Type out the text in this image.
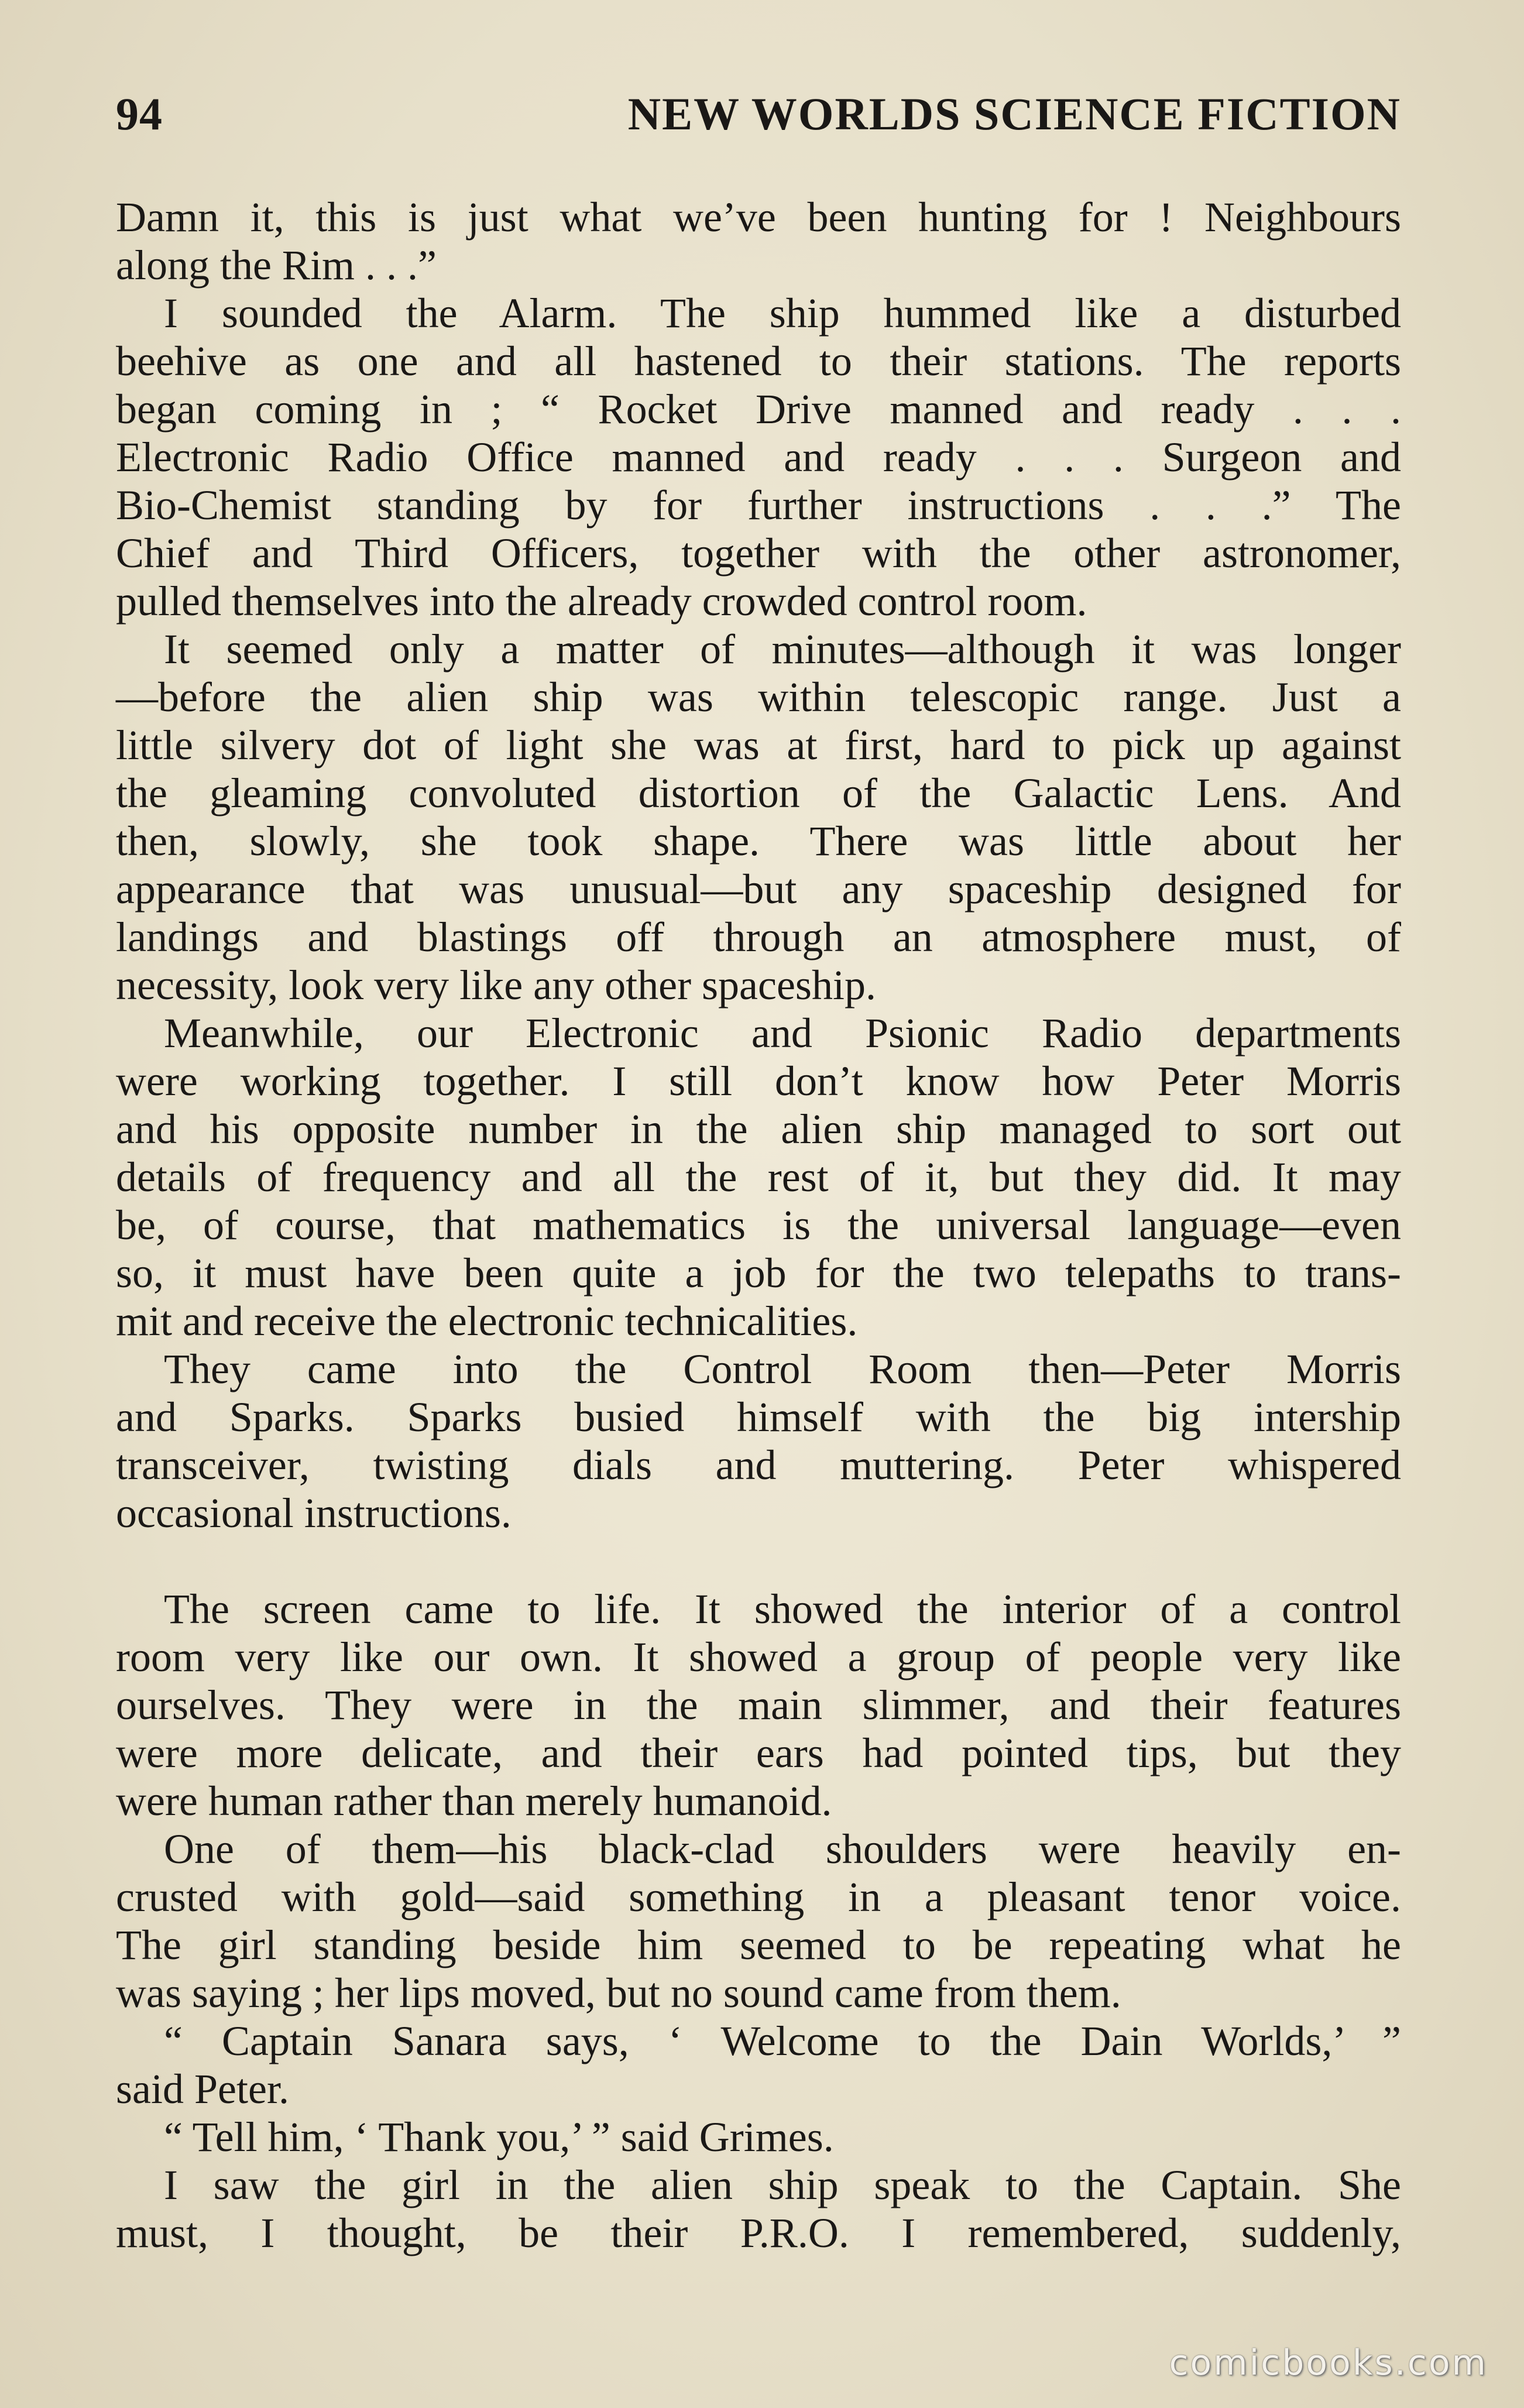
94	NEW WORLDS SCIENCE FICTION
Damn it, this is just what we’ve been hunting for ! Neighbours
along the Rim . . .”
I sounded the Alarm. The ship hummed like a disturbed
beehive as one and all hastened to their stations. The reports
began coming in ; “ Rocket Drive manned and ready . . .
Electronic Radio Office manned and ready . . . Surgeon and
Bio-Chemist standing by for further instructions . . .” The
Chief and Third Officers, together with the other astronomer,
pulled themselves into the already crowded control room.
It seemed only a matter of minutes—although it was longer
—before the alien ship was within telescopic range. Just a
little silvery dot of light she was at first, hard to pick up against
the gleaming convoluted distortion of the Galactic Lens. And
then, slowly, she took shape. There was little about her
appearance that was unusual—but any spaceship designed for
landings and blastings off through an atmosphere must, of
necessity, look very like any other spaceship.
Meanwhile, our Electronic and Psionic Radio departments
were working together. I still don’t know how Peter Morris
and his opposite number in the alien ship managed to sort out
details of frequency and all the rest of it, but they did. It may
be, of course, that mathematics is the universal language—even
so, it must have been quite a job for the two telepaths to trans-
mit and receive the electronic technicalities.
They came into the Control Room then—Peter Morris
and Sparks. Sparks busied himself with the big intership
transceiver, twisting dials and muttering. Peter whispered
occasional instructions.
The screen came to life. It showed the interior of a control
room very like our own. It showed a group of people very like
ourselves. They were in the main slimmer, and their features
were more delicate, and their ears had pointed tips, but they
were human rather than merely humanoid.
One of them—his black-clad shoulders were heavily en-
crusted with gold—said something in a pleasant tenor voice.
The girl standing beside him seemed to be repeating what he
was saying ; her lips moved, but no sound came from them.
“ Captain Sanara says, ‘ Welcome to the Dain Worlds,’ ”
said Peter.
“ Tell him, ‘ Thank you,’ ” said Grimes.
I saw the girl in the alien ship speak to the Captain. She
must, I thought, be their P.R.O. I remembered, suddenly,
comicbooks.com
